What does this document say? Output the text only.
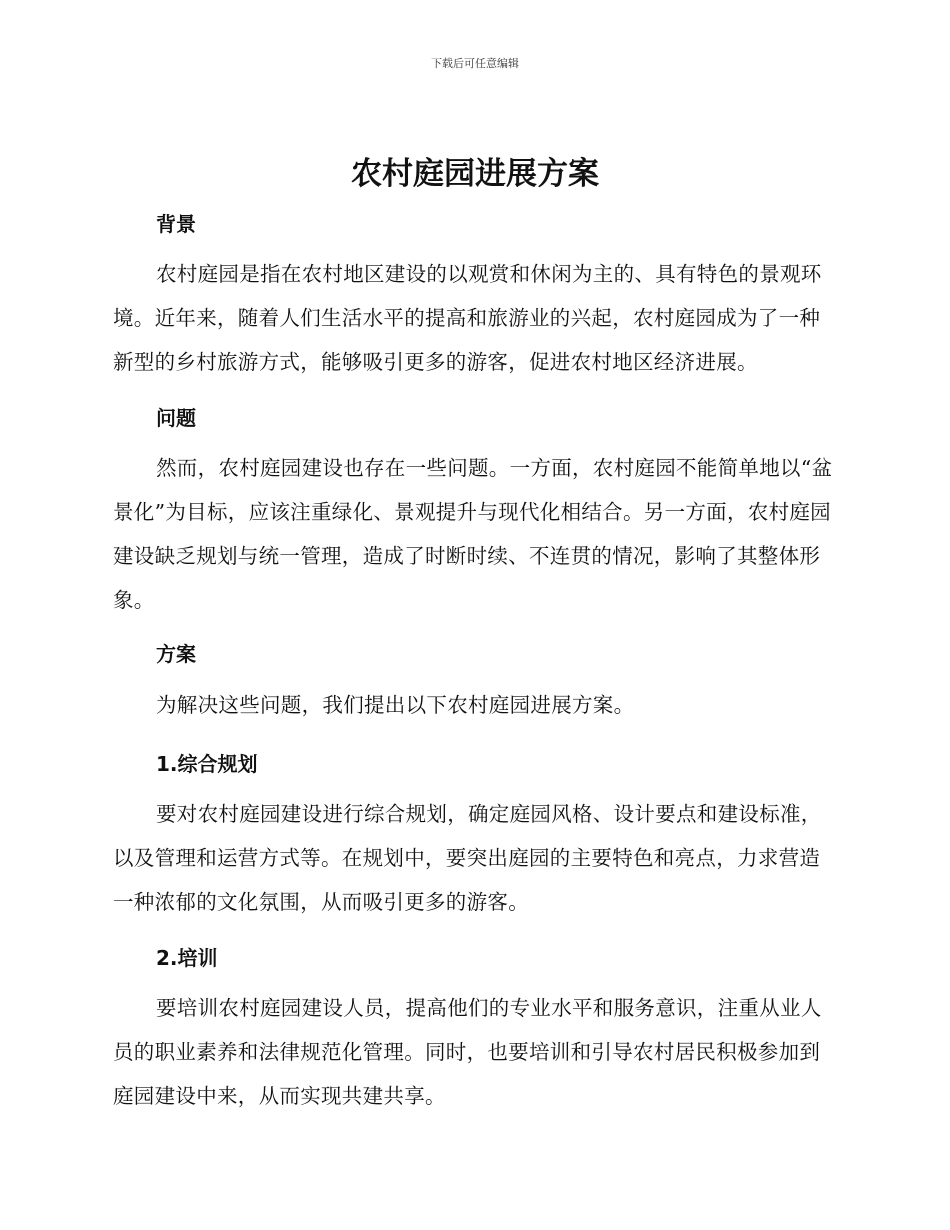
下载后可任意编辑
农村庭园进展方案
背景

农村庭园是指在农村地区建设的以观赏和休闲为主的、具有特色的景观环境。近年来，随着人们生活水平的提高和旅游业的兴起，农村庭园成为了一种新型的乡村旅游方式，能够吸引更多的游客，促进农村地区经济进展。

问题

然而，农村庭园建设也存在一些问题。一方面，农村庭园不能简单地以“盆景化”为目标，应该注重绿化、景观提升与现代化相结合。另一方面，农村庭园建设缺乏规划与统一管理，造成了时断时续、不连贯的情况，影响了其整体形象。

方案

为解决这些问题，我们提出以下农村庭园进展方案。

1.综合规划

要对农村庭园建设进行综合规划，确定庭园风格、设计要点和建设标准，以及管理和运营方式等。在规划中，要突出庭园的主要特色和亮点，力求营造一种浓郁的文化氛围，从而吸引更多的游客。

2.培训

要培训农村庭园建设人员，提高他们的专业水平和服务意识，注重从业人员的职业素养和法律规范化管理。同时，也要培训和引导农村居民积极参加到庭园建设中来，从而实现共建共享。
